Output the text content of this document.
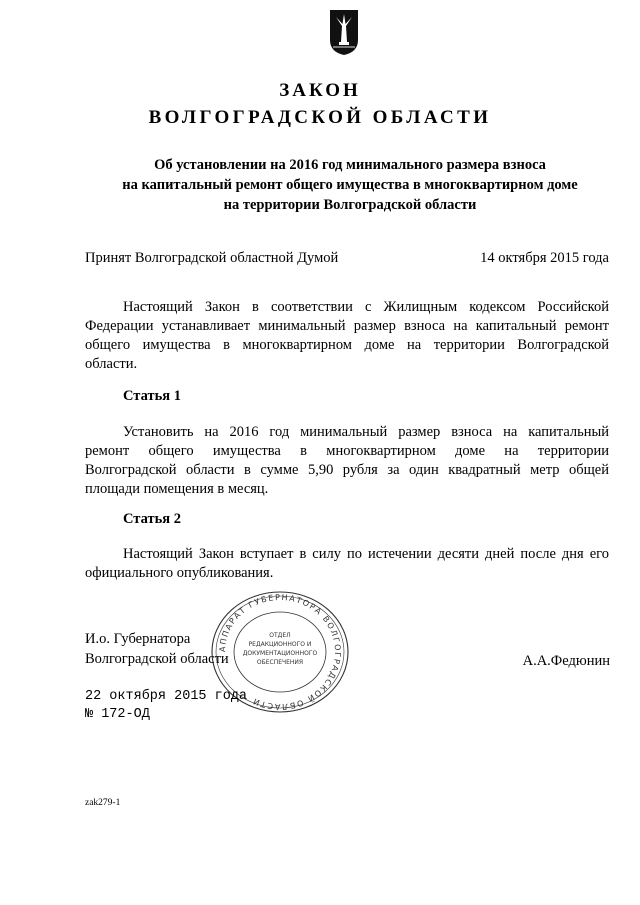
ЗАКОН
ВОЛГОГРАДСКОЙ ОБЛАСТИ
Об установлении на 2016 год минимального размера взноса
на капитальный ремонт общего имущества в многоквартирном доме
на территории Волгоградской области
Принят Волгоградской областной Думой	14 октября 2015 года
Настоящий Закон в соответствии с Жилищным кодексом Российской
Федерации устанавливает минимальный размер взноса на капитальный ремонт
общего имущества в многоквартирном доме на территории Волгоградской
области.
Статья 1
Установить на 2016 год минимальный размер взноса на капитальный
ремонт общего имущества в многоквартирном доме на территории
Волгоградской области в сумме 5,90 рубля за один квадратный метр общей
площади помещения в месяц.
Статья 2
Настоящий Закон вступает в силу по истечении десяти дней после дня его
официального опубликования.
АППАРАТ ГУБЕРНАТОРА ВОЛГОГРАДСКОЙ ОБЛАСТИ
ОТДЕЛ
РЕДАКЦИОННОГО И
ДОКУМЕНТАЦИОННОГО
ОБЕСПЕЧЕНИЯ
И.о. Губернатора
Волгоградской области	А.А.Федюнин
22 октября 2015 года
№ 172-ОД
zak279-1
